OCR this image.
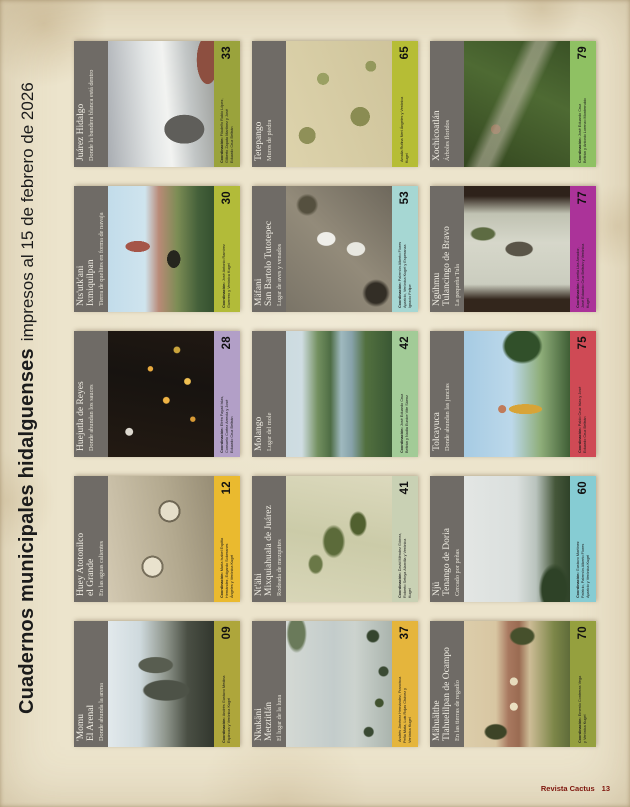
Cuadernos municipales hidalguensesimpresos al 15 de febrero de 2026	Juárez Hidalgo Donde la bandera blanca está dentro	Coordinación:Filadelfo Rubio López, Gilberto Zapata Martínez y José Eduardo Cruz Beltrán
33
Tetepango Muros de piedra	Amalia Rufina Neri Ángeles y Verónica Kugel
65
Xochicoatlán Árboles floridos	Coordinación:José Eduardo Cruz Beltrán y Antonio Lorenzo Monterrubio
79
Nts'utk'ani Ixmiquilpan Tierra de quelites en forma de navaja	Coordinación:José Antonio Ramírez Guerrero y Verónica Kugel
30
Mäfani San Bartolo Tutotepec Lugar de aves y venados	Coordinación:Palemón Alberto Flores Aparicio, Verónica Kugel y Esperanza Ignacio Felipe
53
Ngúhmu Tulancingo de Bravo La pequeña Tula	Coordinación:Lorelia Lira Amador, José Eduardo Cruz Beltrán y Verónica Kugel
77
Huejutla de Reyes Donde abundan los sauces	Coordinación:Efrén Fayad Islas, Consuelo Cortez Arreola y José Eduardo Cruz Beltrán
28
Molango Lugar del mole	Coordinación:José Eduardo Cruz Beltrán y Nadia Eunice Vite Sáenz
42
Tolcayuca Donde abundan las juncias	Coordinación:Pablo Cruz Islas y José Eduardo Cruz Beltrán
75
Huey Atotonilco el Grande En las aguas calientes	Coordinación:María Isabel Espitia Hernández, Edgardo Soberanes Ángeles y Verónica Kugel
12
Nt'ähi Mixquiahuala de Juárez Rodeada de mezquites	Coordinación:David Méndez Gómez, Roberto Setoya Alamilla y Verónica Kugel
41
Njü Tenango de Doria Cercado por peñas	Coordinación:Gustavo Martínez Patricio, Palemón Alberto Flores Aparicio y Verónica Kugel
60
'Momu El Arenal Donde abunda la arena	Coordinación:Andrés Gustavo Medina Espinoza y Verónica Kugel
09
Nkukäni Metztitlán El lugar de la luna	Andrés Jiménez Hernández, Francisca Peña Mata, Luis Rojas Chávez y Verónica Kugel
37
Mähuälthe Tlahuelilpan de Ocampo En las tierras de regadío	Coordinación:Ernesto Contreras Vega y Verónica Kugel
70
Revista Cactus 13
